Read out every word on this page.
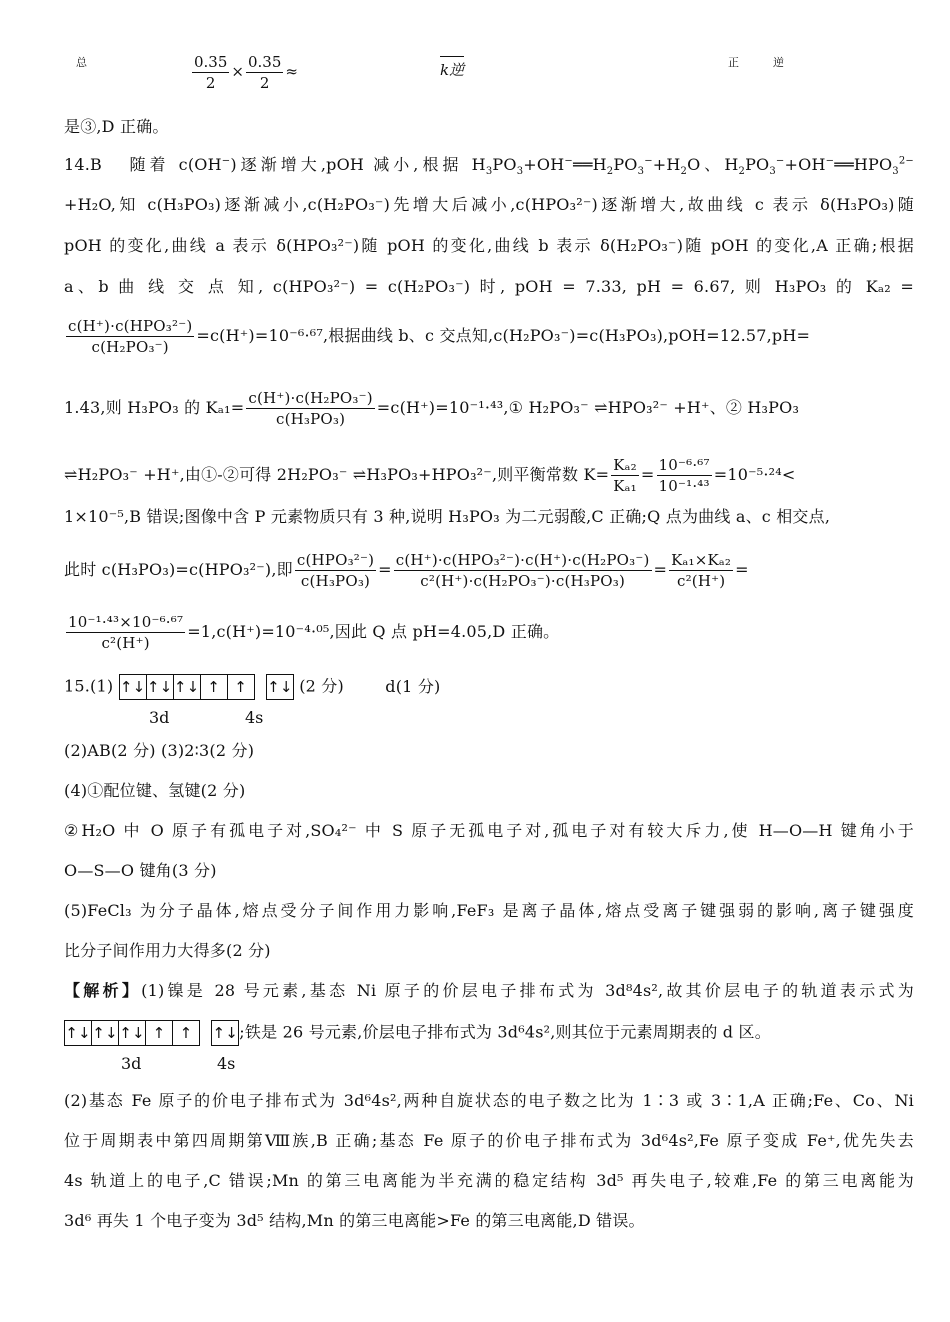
总	$\frac{0.35}{2} \times \frac{0.35}{2}$ ≈	k逆	正	逆
是③,D 正确。
14.B 随着 c(OH−)逐渐增大,pOH 减小,根据 $H_3PO_3+OH^-══H_2PO_3^-+H_2O$、$H_2PO_3^-+OH^-══HPO_3^{2-}$
+H₂O,知 c(H₃PO₃)逐渐减小,c(H₂PO₃⁻)先增大后减小,c(HPO₃²⁻)逐渐增大,故曲线 c 表示 δ(H₃PO₃)随
pOH 的变化,曲线 a 表示 δ(HPO₃²⁻)随 pOH 的变化,曲线 b 表示 δ(H₂PO₃⁻)随 pOH 的变化,A 正确;根据
a、b 曲 线 交 点 知, c(HPO₃²⁻) = c(H₂PO₃⁻) 时, pOH = 7.33, pH = 6.67, 则 H₃PO₃ 的 Kₐ₂ =
$\frac{\text{c(H⁺)·c(HPO₃²⁻)}}{\text{c(H₂PO₃⁻)}} =c(H^+)=10^{-6}\cdot^{67}$,根据曲线 b、c 交点知,c(H₂PO₃⁻)=c(H₃PO₃),pOH=12.57,pH=
1.43,则 H₃PO₃ 的 $K_{a1}= \frac{\text{c(H⁺)·c(H₂PO₃⁻)}}{\text{c(H₃PO₃)}}$ =c(H⁺)=10⁻¹·⁴³,① H₂PO₃⁻ ⇌HPO₃²⁻ +H⁺、② H₃PO₃
⇌H₂PO₃⁻ +H⁺,由①-②可得 2H₂PO₃⁻ ⇌H₃PO₃+HPO₃²⁻,则平衡常数 $K= \frac{\text{Kₐ₂}}{\text{Kₐ₁}} = \frac{\text{10⁻⁶·⁶⁷}}{\text{10⁻¹·⁴³}} =10^{-5}\cdot^{24}<$
1×10⁻⁵,B 错误;图像中含 P 元素物质只有 3 种,说明 H₃PO₃ 为二元弱酸,C 正确;Q 点为曲线 a、c 相交点,
此时 c(H₃PO₃)=c(HPO₃²⁻),即 $\frac{\text{c(HPO₃²⁻)}}{\text{c(H₃PO₃)}} = \frac{\text{c(H⁺)·c(HPO₃²⁻)·c(H⁺)·c(H₂PO₃⁻)}}{\text{c²(H⁺)·c(H₂PO₃⁻)·c(H₃PO₃)}} = \frac{\text{Kₐ₁×Kₐ₂}}{\text{c²(H⁺)}}$ =
$\frac{\text{10⁻¹·⁴³×10⁻⁶·⁶⁷}}{\text{c²(H⁺)}} =1,c(H^+)=10^{-4}\cdot^{05}$,因此 Q 点 pH=4.05,D 正确。
15.(1) ↑↓↑↓↑↓ ↑ ↑ ↑↓ (2 分)	d(1 分)
3d	4s
(2)AB(2 分) (3)2∶3(2 分)
(4)①配位键、氢键(2 分)
②H₂O 中 O 原子有孤电子对,SO₄²⁻ 中 S 原子无孤电子对,孤电子对有较大斥力,使 H—O—H 键角小于
O—S—O 键角(3 分)
(5)FeCl₃ 为分子晶体,熔点受分子间作用力影响,FeF₃ 是离子晶体,熔点受离子键强弱的影响,离子键强度
比分子间作用力大得多(2 分)
【解析】(1)镍是 28 号元素,基态 Ni 原子的价层电子排布式为 3d⁸4s²,故其价层电子的轨道表示式为
↑↓↑↓↑↓ ↑ ↑ ↑↓;铁是 26 号元素,价层电子排布式为 3d⁶4s²,则其位于元素周期表的 d 区。
3d	4s
(2)基态 Fe 原子的价电子排布式为 3d⁶4s²,两种自旋状态的电子数之比为 1∶3 或 3∶1,A 正确;Fe、Co、Ni
位于周期表中第四周期第Ⅷ族,B 正确;基态 Fe 原子的价电子排布式为 3d⁶4s²,Fe 原子变成 Fe⁺,优先失去
4s 轨道上的电子,C 错误;Mn 的第三电离能为半充满的稳定结构 3d⁵ 再失电子,较难,Fe 的第三电离能为
3d⁶ 再失 1 个电子变为 3d⁵ 结构,Mn 的第三电离能>Fe 的第三电离能,D 错误。
